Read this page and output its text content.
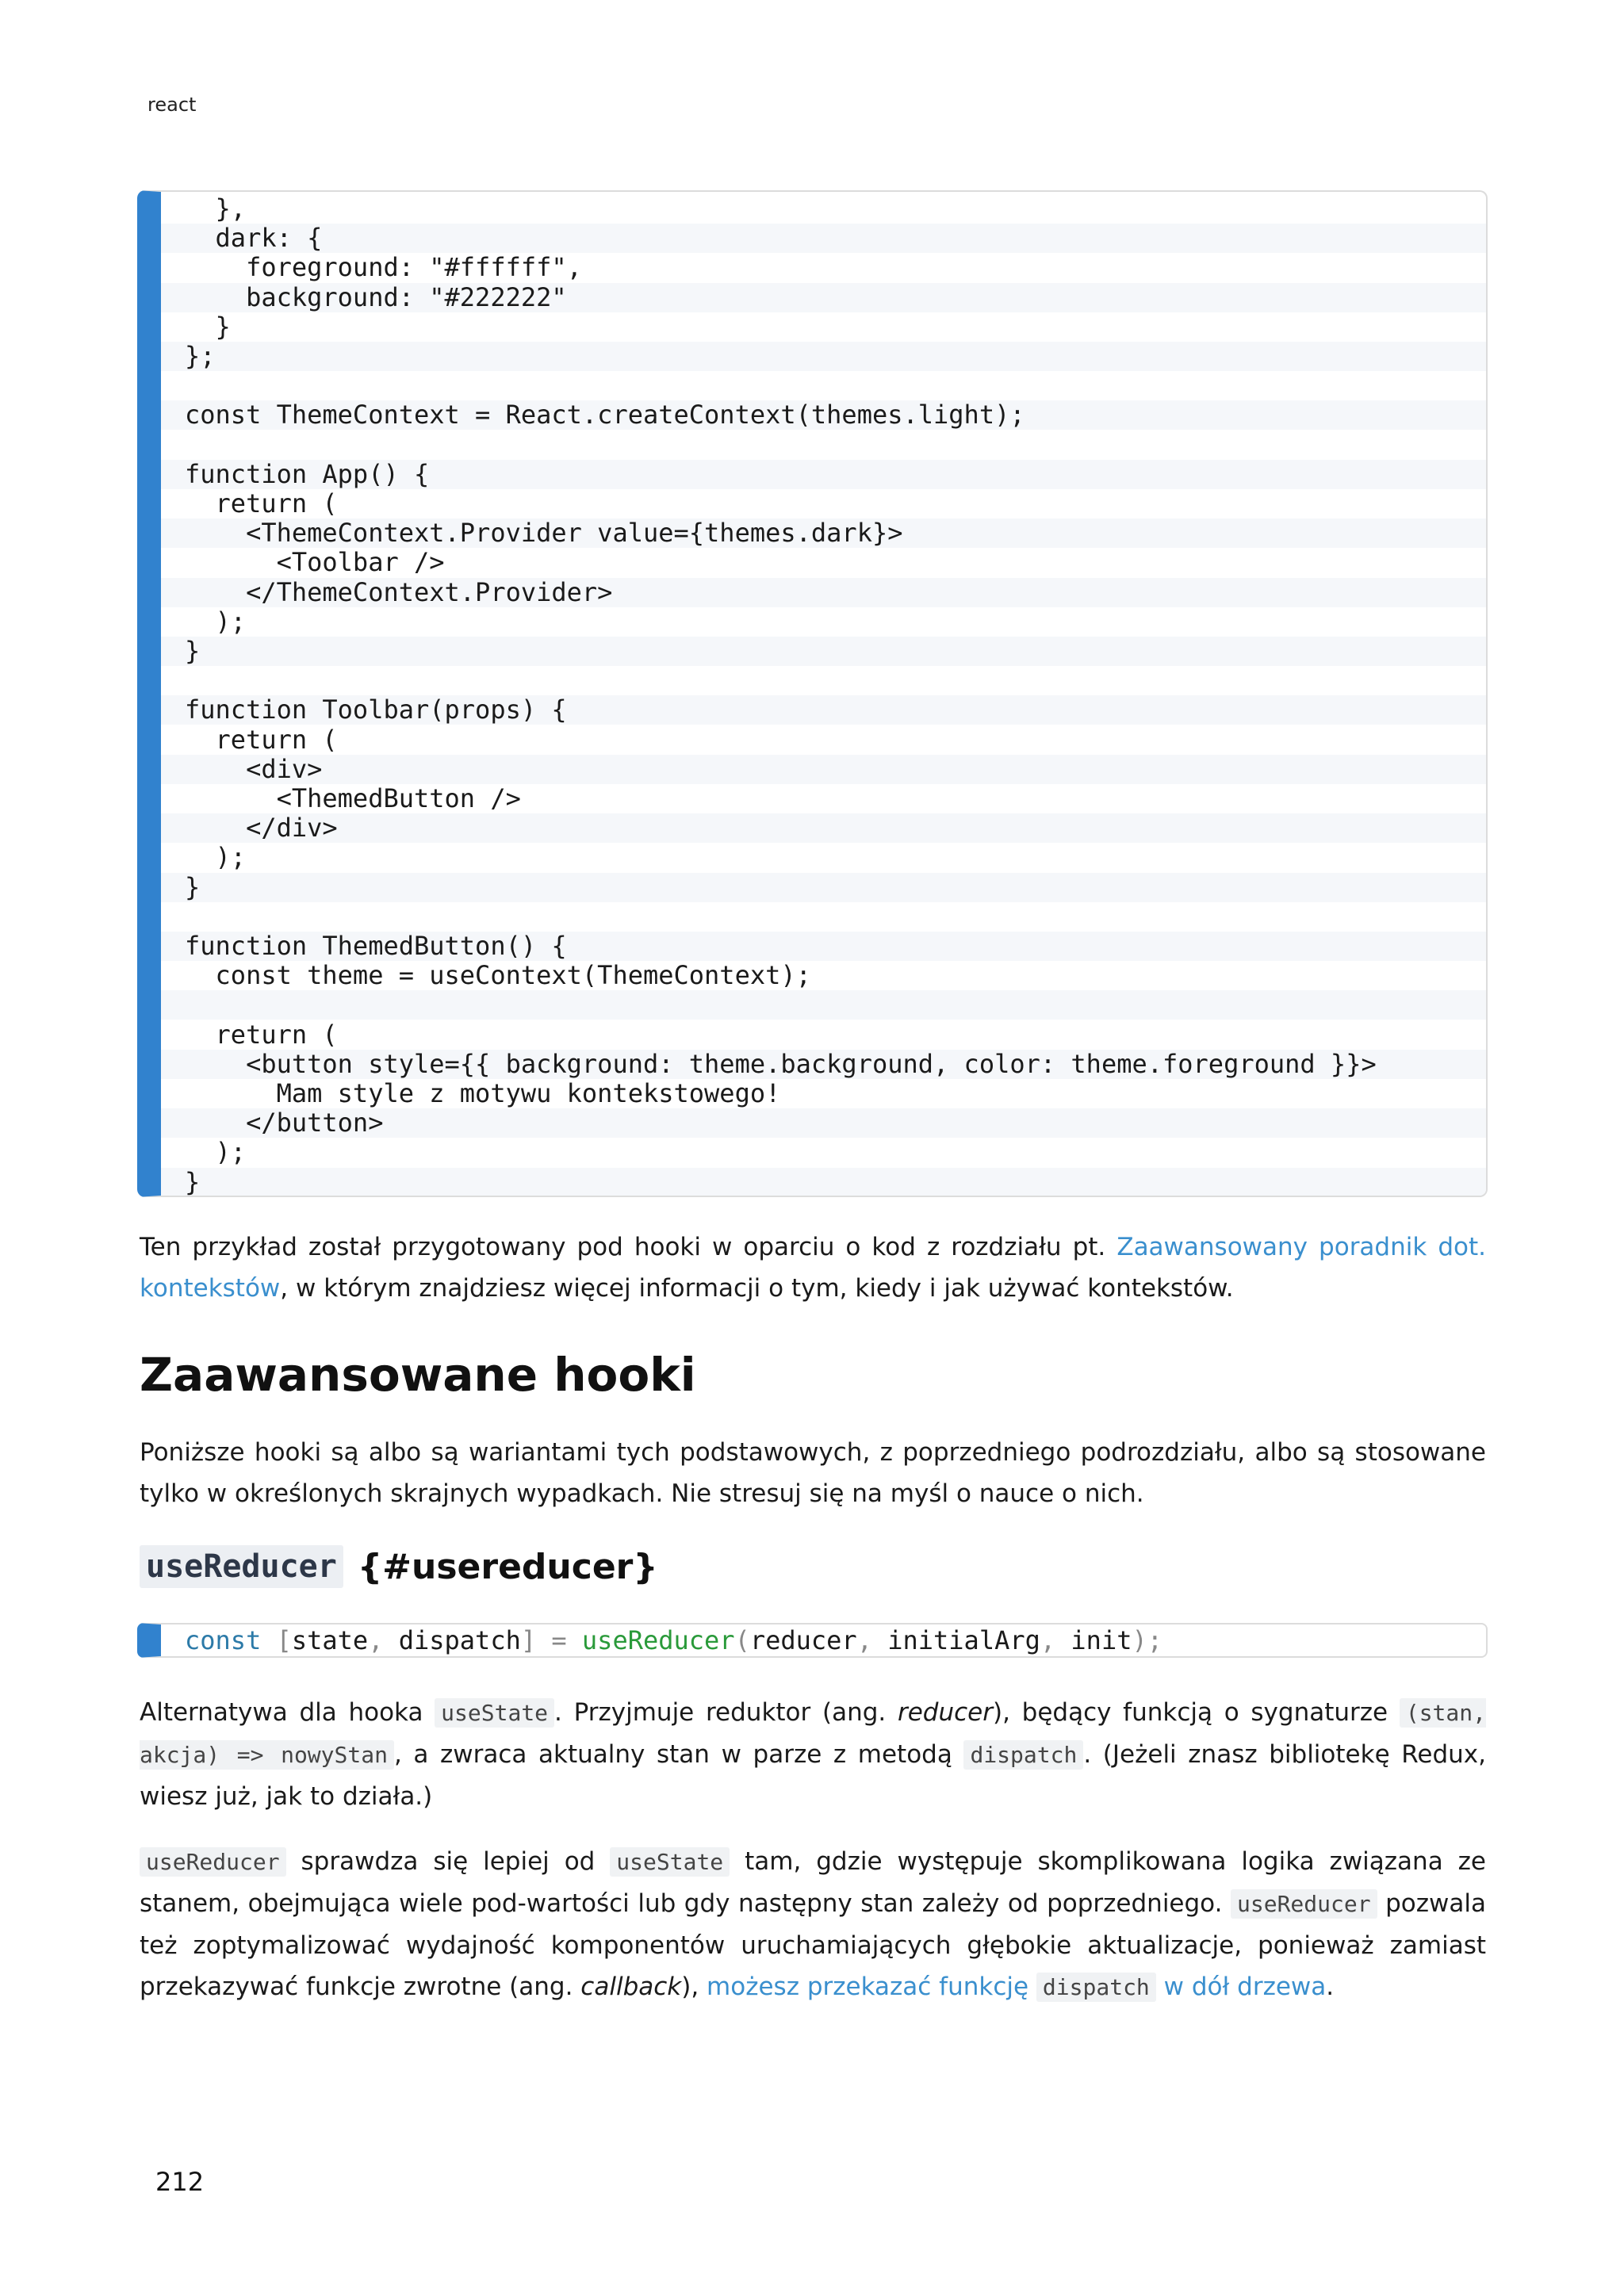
react
},
dark: {
foreground: "#ffffff",
background: "#222222"
}
};
const ThemeContext = React.createContext(themes.light);
function App() {
return (
<ThemeContext.Provider value={themes.dark}>
<Toolbar />
</ThemeContext.Provider>
);
}
function Toolbar(props) {
return (
<div>
<ThemedButton />
</div>
);
}
function ThemedButton() {
const theme = useContext(ThemeContext);
return (
<button style={{ background: theme.background, color: theme.foreground }}>
Mam style z motywu kontekstowego!
</button>
);
}

Ten przykład został przygotowany pod hooki w oparciu o kod z rozdziału pt. Zaawansowany poradnik dot. kontekstów, w którym znajdziesz więcej informacji o tym, kiedy i jak używać kontekstów.

Zaawansowane hooki

Poniższe hooki są albo są wariantami tych podstawowych, z poprzedniego podrozdziału, albo są stosowane tylko w określonych skrajnych wypadkach. Nie stresuj się na myśl o nauce o nich.

useReducer {#usereducer}
const [state, dispatch] = useReducer(reducer, initialArg, init);

Alternatywa dla hooka useState . Przyjmuje reduktor (ang. reducer), będący funkcją o sygnaturze (stan, akcja) => nowyStan , a zwraca aktualny stan w parze z metodą dispatch . (Jeżeli znasz bibliotekę Redux, wiesz już, jak to działa.)

useReducer sprawdza się lepiej od useState tam, gdzie występuje skomplikowana logika związana ze stanem, obejmująca wiele pod-wartości lub gdy następny stan zależy od poprzedniego. useReducer pozwala też zoptymalizować wydajność komponentów uruchamiających głębokie aktualizacje, ponieważ zamiast przekazywać funkcje zwrotne (ang. callback), możesz przekazać funkcję dispatch w dół drzewa.

212
